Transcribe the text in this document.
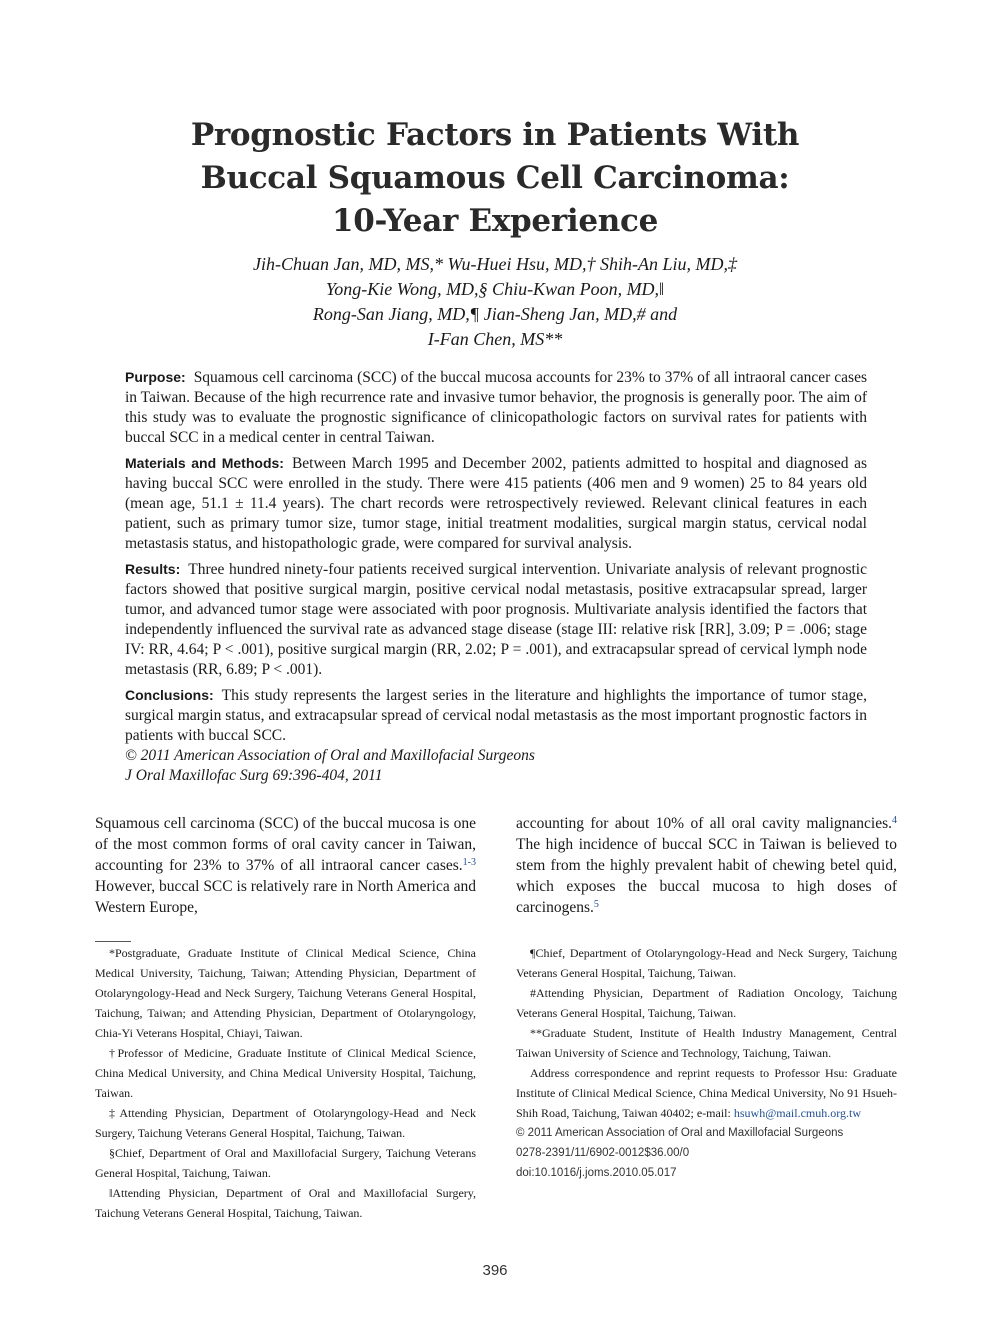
Prognostic Factors in Patients With
Buccal Squamous Cell Carcinoma:
10-Year Experience
Jih-Chuan Jan, MD, MS,* Wu-Huei Hsu, MD,† Shih-An Liu, MD,‡
Yong-Kie Wong, MD,§ Chiu-Kwan Poon, MD,‖
Rong-San Jiang, MD,¶ Jian-Sheng Jan, MD,# and
I-Fan Chen, MS**

Purpose: Squamous cell carcinoma (SCC) of the buccal mucosa accounts for 23% to 37% of all intraoral cancer cases in Taiwan. Because of the high recurrence rate and invasive tumor behavior, the prognosis is generally poor. The aim of this study was to evaluate the prognostic significance of clinicopathologic factors on survival rates for patients with buccal SCC in a medical center in central Taiwan.

Materials and Methods: Between March 1995 and December 2002, patients admitted to hospital and diagnosed as having buccal SCC were enrolled in the study. There were 415 patients (406 men and 9 women) 25 to 84 years old (mean age, 51.1 ± 11.4 years). The chart records were retrospectively reviewed. Relevant clinical features in each patient, such as primary tumor size, tumor stage, initial treatment modalities, surgical margin status, cervical nodal metastasis status, and histopathologic grade, were compared for survival analysis.

Results: Three hundred ninety-four patients received surgical intervention. Univariate analysis of relevant prognostic factors showed that positive surgical margin, positive cervical nodal metastasis, positive extracapsular spread, larger tumor, and advanced tumor stage were associated with poor prognosis. Multivariate analysis identified the factors that independently influenced the survival rate as advanced stage disease (stage III: relative risk [RR], 3.09; P = .006; stage IV: RR, 4.64; P < .001), positive surgical margin (RR, 2.02; P = .001), and extracapsular spread of cervical lymph node metastasis (RR, 6.89; P < .001).

Conclusions: This study represents the largest series in the literature and highlights the importance of tumor stage, surgical margin status, and extracapsular spread of cervical nodal metastasis as the most important prognostic factors in patients with buccal SCC.

© 2011 American Association of Oral and Maxillofacial Surgeons
J Oral Maxillofac Surg 69:396-404, 2011
Squamous cell carcinoma (SCC) of the buccal mucosa is one of the most common forms of oral cavity cancer in Taiwan, accounting for 23% to 37% of all intraoral cancer cases.$^{1-3}$ However, buccal SCC is relatively rare in North America and Western Europe,
accounting for about 10% of all oral cavity malignancies.$^4$ The high incidence of buccal SCC in Taiwan is believed to stem from the highly prevalent habit of chewing betel quid, which exposes the buccal mucosa to high doses of carcinogens.$^5$

*Postgraduate, Graduate Institute of Clinical Medical Science, China Medical University, Taichung, Taiwan; Attending Physician, Department of Otolaryngology-Head and Neck Surgery, Taichung Veterans General Hospital, Taichung, Taiwan; and Attending Physician, Department of Otolaryngology, Chia-Yi Veterans Hospital, Chiayi, Taiwan.

†Professor of Medicine, Graduate Institute of Clinical Medical Science, China Medical University, and China Medical University Hospital, Taichung, Taiwan.

‡Attending Physician, Department of Otolaryngology-Head and Neck Surgery, Taichung Veterans General Hospital, Taichung, Taiwan.

§Chief, Department of Oral and Maxillofacial Surgery, Taichung Veterans General Hospital, Taichung, Taiwan.

‖Attending Physician, Department of Oral and Maxillofacial Surgery, Taichung Veterans General Hospital, Taichung, Taiwan.

¶Chief, Department of Otolaryngology-Head and Neck Surgery, Taichung Veterans General Hospital, Taichung, Taiwan.

#Attending Physician, Department of Radiation Oncology, Taichung Veterans General Hospital, Taichung, Taiwan.

**Graduate Student, Institute of Health Industry Management, Central Taiwan University of Science and Technology, Taichung, Taiwan.

Address correspondence and reprint requests to Professor Hsu: Graduate Institute of Clinical Medical Science, China Medical University, No 91 Hsueh-Shih Road, Taichung, Taiwan 40402; e-mail: hsuwh@mail.cmuh.org.tw

© 2011 American Association of Oral and Maxillofacial Surgeons

0278-2391/11/6902-0012$36.00/0

doi:10.1016/j.joms.2010.05.017

396
